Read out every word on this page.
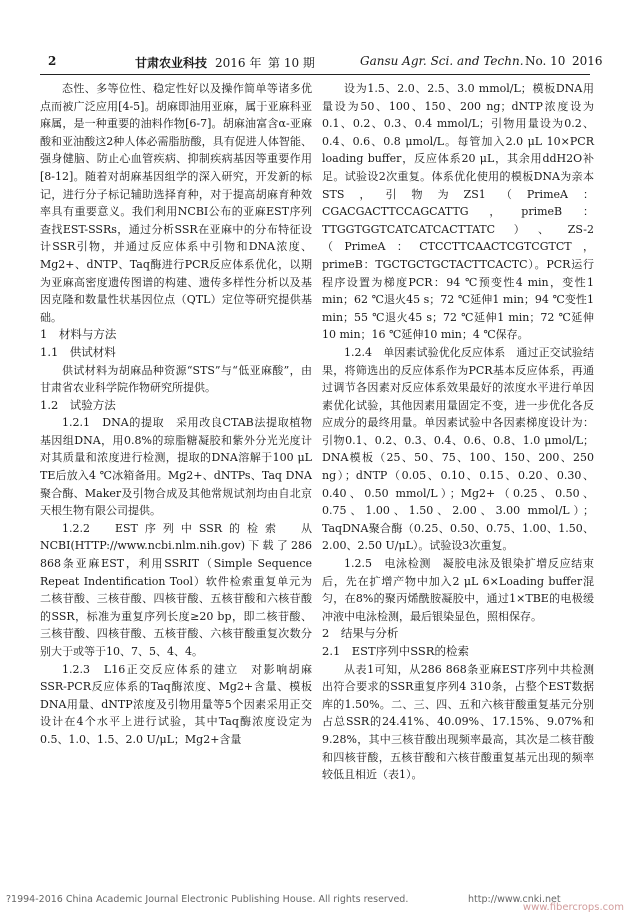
2	甘肃农业科技 2016 年 第 10 期	Gansu Agr. Sci. and Techn. No. 10 2016

态性、多等位性、稳定性好以及操作简单等诸多优点而被广泛应用[4-5]。胡麻即油用亚麻，属于亚麻科亚麻属，是一种重要的油料作物[6-7]。胡麻油富含α-亚麻酸和亚油酸这2种人体必需脂肪酸，具有促进人体智能、强身健脑、防止心血管疾病、抑制疾病基因等重要作用[8-12]。随着对胡麻基因组学的深入研究，开发新的标记，进行分子标记辅助选择育种，对于提高胡麻育种效率具有重要意义。我们利用NCBI公布的亚麻EST序列查找EST-SSRs，通过分析SSR在亚麻中的分布特征设计SSR引物，并通过反应体系中引物和DNA浓度、Mg2+、dNTP、Taq酶进行PCR反应体系优化，以期为亚麻高密度遗传图谱的构建、遗传多样性分析以及基因克隆和数量性状基因位点（QTL）定位等研究提供基础。

1　材料与方法
1.1　供试材料

供试材料为胡麻品种资源“STS”与“低亚麻酸”，由甘肃省农业科学院作物研究所提供。

1.2　试验方法

1.2.1　DNA的提取　采用改良CTAB法提取植物基因组DNA，用0.8%的琼脂糖凝胶和紫外分光光度计对其质量和浓度进行检测，提取的DNA溶解于100 μL TE后放入4 ℃冰箱备用。Mg2+、dNTPs、Taq DNA聚合酶、Maker及引物合成及其他常规试剂均由自北京天根生物有限公司提供。

1.2.2　EST序列中SSR的检索　从NCBI(HTTP://www.ncbi.nlm.nih.gov)下载了286 868条亚麻EST，利用SSRIT（Simple Sequence Repeat Indentification Tool）软件检索重复单元为二核苷酸、三核苷酸、四核苷酸、五核苷酸和六核苷酸的SSR，标准为重复序列长度≥20 bp，即二核苷酸、三核苷酸、四核苷酸、五核苷酸、六核苷酸重复次数分别大于或等于10、7、5、4、4。

1.2.3　L16正交反应体系的建立　对影响胡麻SSR-PCR反应体系的Taq酶浓度、Mg2+含量、模板DNA用量、dNTP浓度及引物用量等5个因素采用正交设计在4个水平上进行试验，其中Taq酶浓度设定为0.5、1.0、1.5、2.0 U/μL；Mg2+含量

设为1.5、2.0、2.5、3.0 mmol/L；模板DNA用量设为50、100、150、200 ng；dNTP浓度设为0.1、0.2、0.3、0.4 mmol/L；引物用量设为0.2、0.4、0.6、0.8 μmol/L。每管加入2.0 μL 10×PCR loading buffer，反应体系20 μL，其余用ddH2O补足。试验设2次重复。体系优化使用的模板DNA为亲本STS，引物为ZS1（PrimeA：CGACGACTTCCAGCATTG，primeB：TTGGTGGTCATCATCACTTATC）、ZS-2（PrimeA：CTCCTTCAACTCGTCGTCT，primeB：TGCTGCTGCTACTTCACTC）。PCR运行程序设置为梯度PCR：94 ℃预变性4 min，变性1 min；62 ℃退火45 s；72 ℃延伸1 min；94 ℃变性1 min；55 ℃退火45 s；72 ℃延伸1 min；72 ℃延伸10 min；16 ℃延伸10 min；4 ℃保存。

1.2.4　单因素试验优化反应体系　通过正交试验结果，将筛选出的反应体系作为PCR基本反应体系，再通过调节各因素对反应体系效果最好的浓度水平进行单因素优化试验，其他因素用量固定不变，进一步优化各反应成分的最终用量。单因素试验中各因素梯度设计为：引物0.1、0.2、0.3、0.4、0.6、0.8、1.0 μmol/L；DNA模板（25、50、75、100、150、200、250 ng）；dNTP（0.05、0.10、0.15、0.20、0.30、0.40、0.50 mmol/L）；Mg2+（0.25、0.50、0.75、1.00、1.50、2.00、3.00 mmol/L）；TaqDNA聚合酶（0.25、0.50、0.75、1.00、1.50、2.00、2.50 U/μL）。试验设3次重复。

1.2.5　电泳检测　凝胶电泳及银染扩增反应结束后，先在扩增产物中加入2 μL 6×Loading buffer混匀，在8%的聚丙烯酰胺凝胶中，通过1×TBE的电极缓冲液中电泳检测，最后银染显色，照相保存。

2　结果与分析
2.1　EST序列中SSR的检索

从表1可知，从286 868条亚麻EST序列中共检测出符合要求的SSR重复序列4 310条，占整个EST数据库的1.50%。二、三、四、五和六核苷酸重复基元分别占总SSR的24.41%、40.09%、17.15%、9.07%和9.28%，其中三核苷酸出现频率最高，其次是二核苷酸和四核苷酸，五核苷酸和六核苷酸重复基元出现的频率较低且相近（表1）。

?1994-2016 China Academic Journal Electronic Publishing House. All rights reserved.	http://www.cnki.net
www.fibercrops.com
